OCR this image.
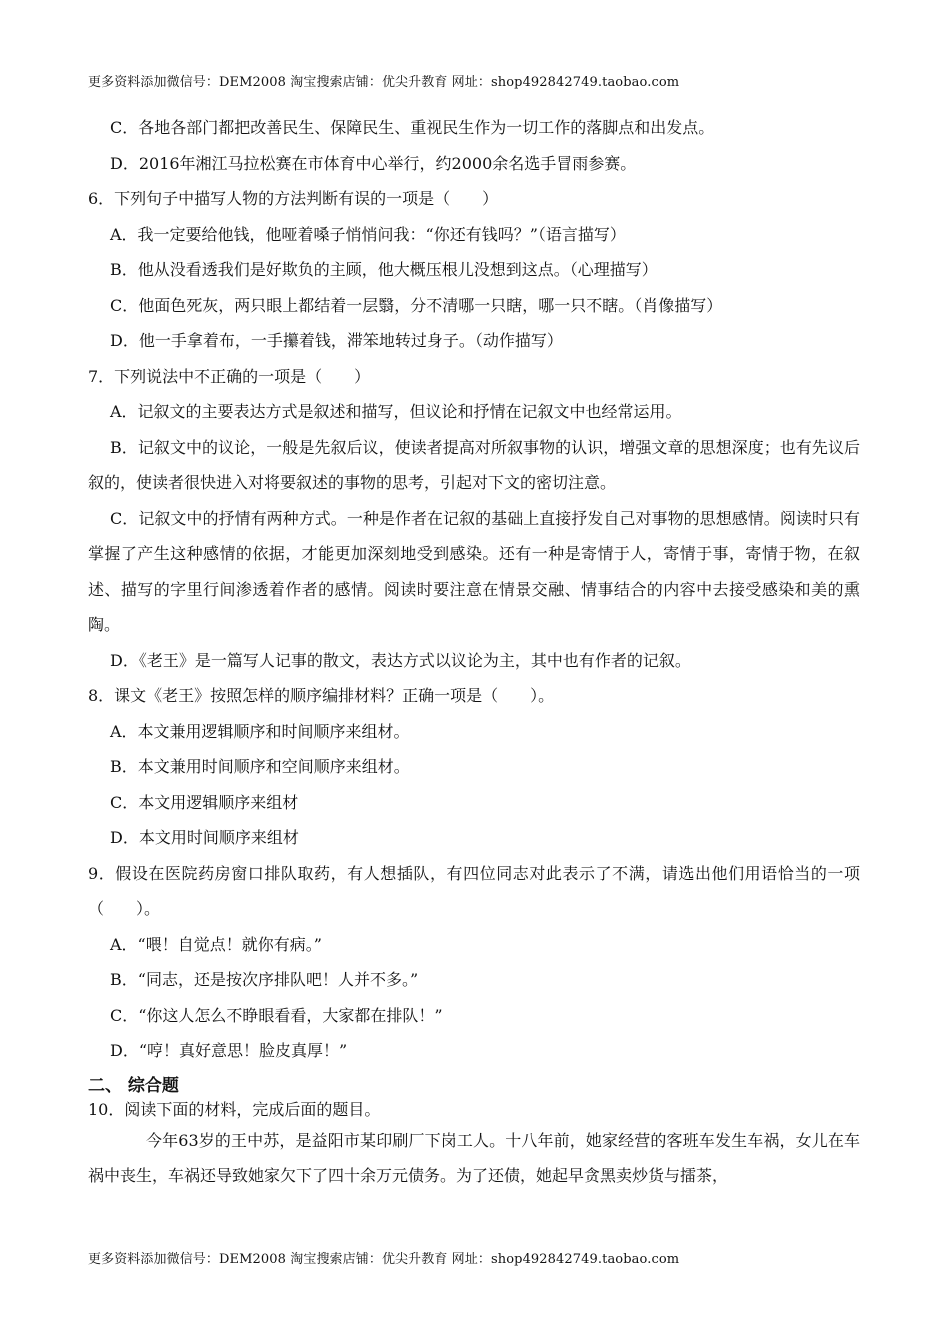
更多资料添加微信号：DEM2008 淘宝搜索店铺：优尖升教育 网址：shop492842749.taobao.com

C．各地各部门都把改善民生、保障民生、重视民生作为一切工作的落脚点和出发点。

D．2016年湘江马拉松赛在市体育中心举行，约2000余名选手冒雨参赛。

6．下列句子中描写人物的方法判断有误的一项是（　　）

A．我一定要给他钱，他哑着嗓子悄悄问我：“你还有钱吗？”（语言描写）

B．他从没看透我们是好欺负的主顾，他大概压根儿没想到这点。（心理描写）

C．他面色死灰，两只眼上都结着一层翳，分不清哪一只瞎，哪一只不瞎。（肖像描写）

D．他一手拿着布，一手攥着钱，滞笨地转过身子。（动作描写）

7．下列说法中不正确的一项是（　　）

A．记叙文的主要表达方式是叙述和描写，但议论和抒情在记叙文中也经常运用。

B．记叙文中的议论，一般是先叙后议，使读者提高对所叙事物的认识，增强文章的思想深度；也有先议后叙的，使读者很快进入对将要叙述的事物的思考，引起对下文的密切注意。

C．记叙文中的抒情有两种方式。一种是作者在记叙的基础上直接抒发自己对事物的思想感情。阅读时只有掌握了产生这种感情的依据，才能更加深刻地受到感染。还有一种是寄情于人，寄情于事，寄情于物，在叙述、描写的字里行间渗透着作者的感情。阅读时要注意在情景交融、情事结合的内容中去接受感染和美的熏陶。

D．《老王》是一篇写人记事的散文，表达方式以议论为主，其中也有作者的记叙。

8．课文《老王》按照怎样的顺序编排材料？正确一项是（　　）。

A．本文兼用逻辑顺序和时间顺序来组材。

B．本文兼用时间顺序和空间顺序来组材。

C．本文用逻辑顺序来组材

D．本文用时间顺序来组材

9．假设在医院药房窗口排队取药，有人想插队，有四位同志对此表示了不满，请选出他们用语恰当的一项（　　）。

A．“喂！自觉点！就你有病。”

B．“同志，还是按次序排队吧！人并不多。”

C．“你这人怎么不睁眼看看，大家都在排队！”

D．“哼！真好意思！脸皮真厚！”

二、 综合题

10．阅读下面的材料，完成后面的题目。

今年63岁的王中苏，是益阳市某印刷厂下岗工人。十八年前，她家经营的客班车发生车祸，女儿在车祸中丧生，车祸还导致她家欠下了四十余万元债务。为了还债，她起早贪黑卖炒货与擂茶，

更多资料添加微信号：DEM2008 淘宝搜索店铺：优尖升教育 网址：shop492842749.taobao.com
